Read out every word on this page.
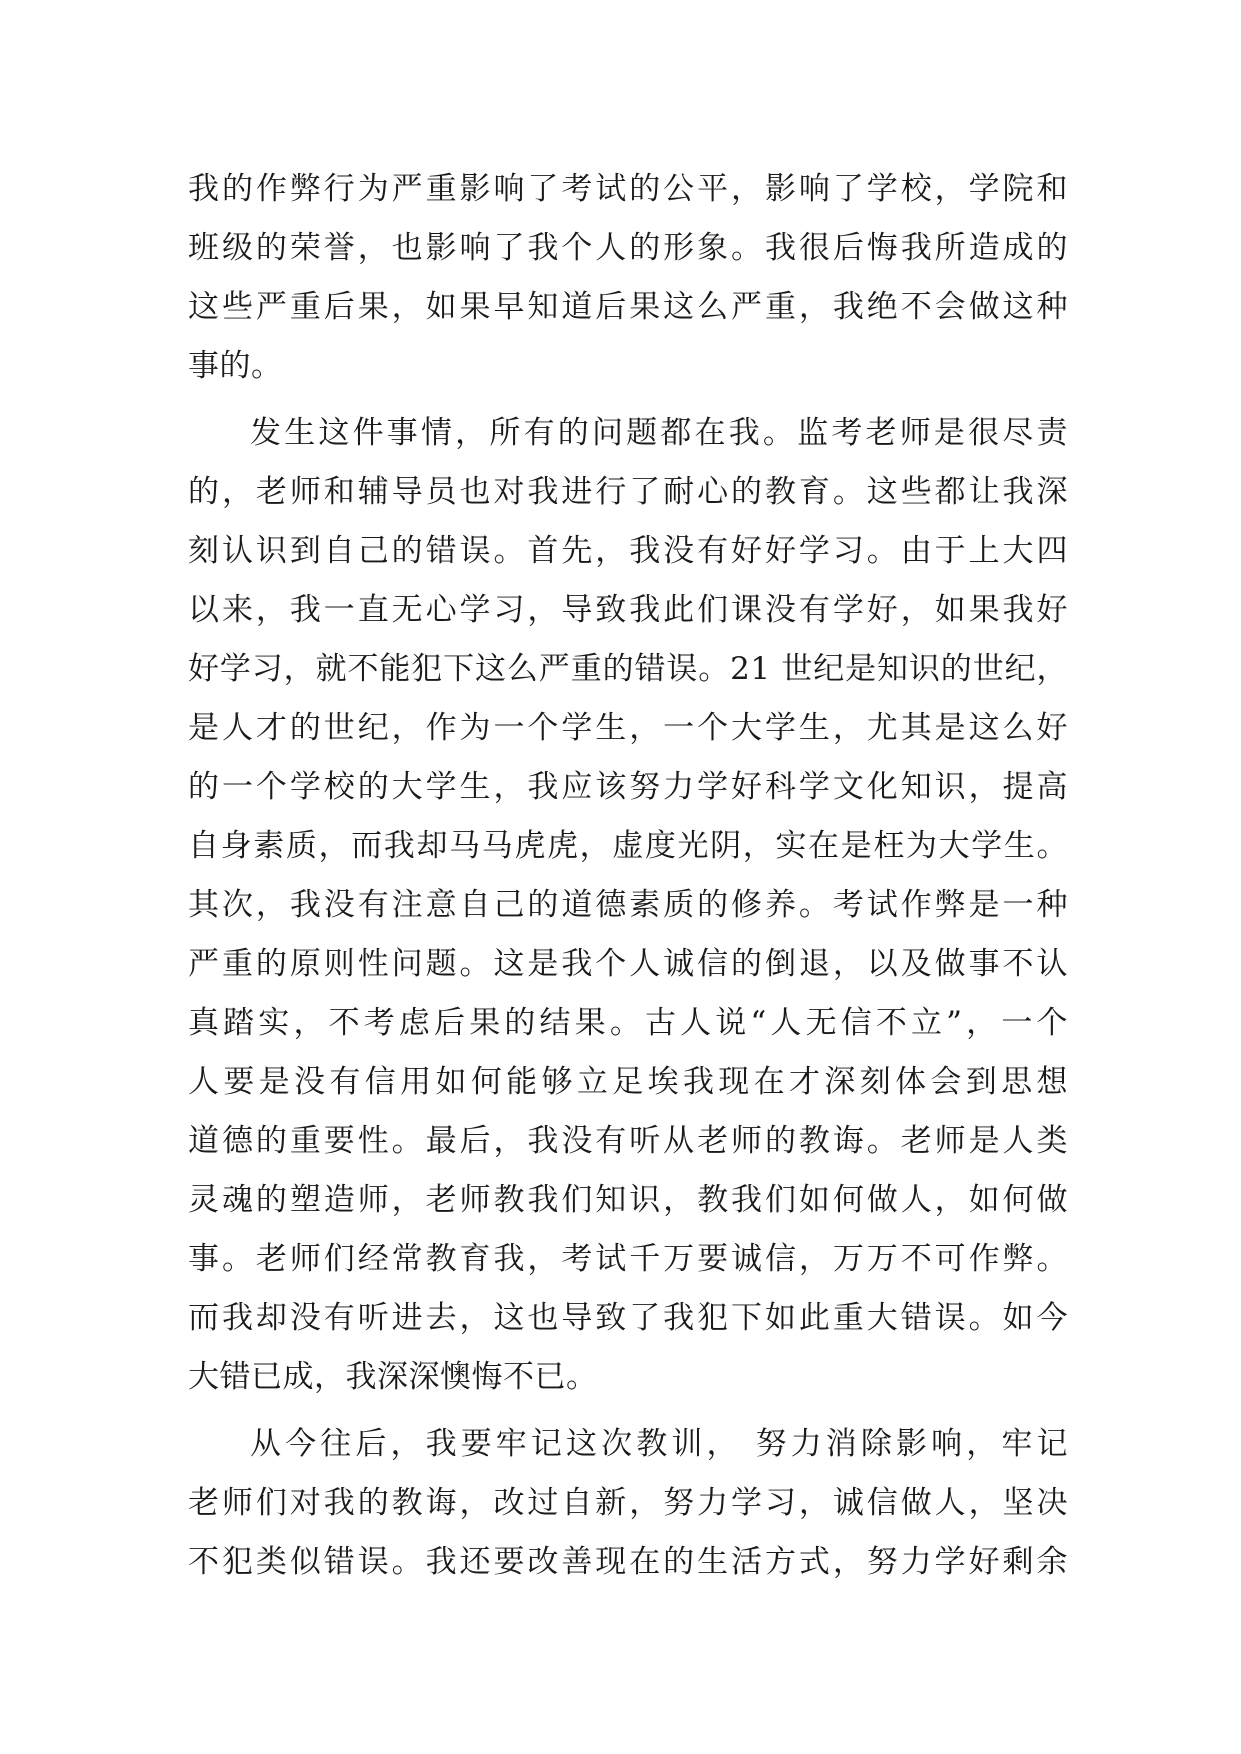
我的作弊行为严重影响了考试的公平，影响了学校，学院和
班级的荣誉，也影响了我个人的形象。我很后悔我所造成的
这些严重后果，如果早知道后果这么严重，我绝不会做这种
事的。
发生这件事情，所有的问题都在我。监考老师是很尽责
的，老师和辅导员也对我进行了耐心的教育。这些都让我深
刻认识到自己的错误。首先，我没有好好学习。由于上大四
以来，我一直无心学习，导致我此们课没有学好，如果我好
好学习，就不能犯下这么严重的错误。21 世纪是知识的世纪，
是人才的世纪，作为一个学生，一个大学生，尤其是这么好
的一个学校的大学生，我应该努力学好科学文化知识，提高
自身素质，而我却马马虎虎，虚度光阴，实在是枉为大学生。
其次，我没有注意自己的道德素质的修养。考试作弊是一种
严重的原则性问题。这是我个人诚信的倒退，以及做事不认
真踏实，不考虑后果的结果。古人说“人无信不立”，一个
人要是没有信用如何能够立足埃我现在才深刻体会到思想
道德的重要性。最后，我没有听从老师的教诲。老师是人类
灵魂的塑造师，老师教我们知识，教我们如何做人，如何做
事。老师们经常教育我，考试千万要诚信，万万不可作弊。
而我却没有听进去，这也导致了我犯下如此重大错误。如今
大错已成，我深深懊悔不已。
从今往后，我要牢记这次教训， 努力消除影响，牢记
老师们对我的教诲，改过自新，努力学习，诚信做人，坚决
不犯类似错误。我还要改善现在的生活方式，努力学好剩余
